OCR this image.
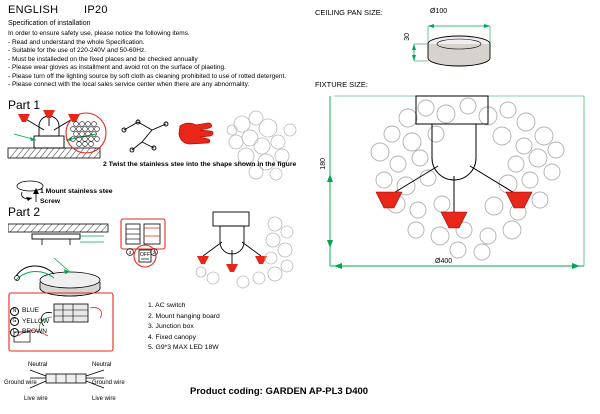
ENGLISH IP20
Specification of installation
In order to ensure safety use, please notice the following items.
- Read and understand the whole Specification.
- Suitable for the use of 220-240V and 50-60Hz.
- Must be installeded on the fixed places and be checked annually
- Please wear gloves as installment and avoid rot on the surface of plaeting.
- Please turn off the lighting source by soft cloth as cleaning prohibited to use of rotted detergent.
- Please connect with the local sales service center when there are any abnormality.
Part 1
2 Twist the stainless stee into the shape shown in the figure
1 Mount stainless stee
Screw
Part 2
3	2
OFF
N BLUE
G YELLOW
L BROWN
Neutral	Neutral
Ground wire	Ground wire
Live wire	Live wire
1. AC switch
2. Mount hanging board
3. Junction box
4. Fixed canopy
5. G9*3 MAX LED 18W
CEILING PAN SIZE:	Ø100
30
FIXTURE SIZE:
180
Ø400
Product coding: GARDEN AP-PL3 D400
